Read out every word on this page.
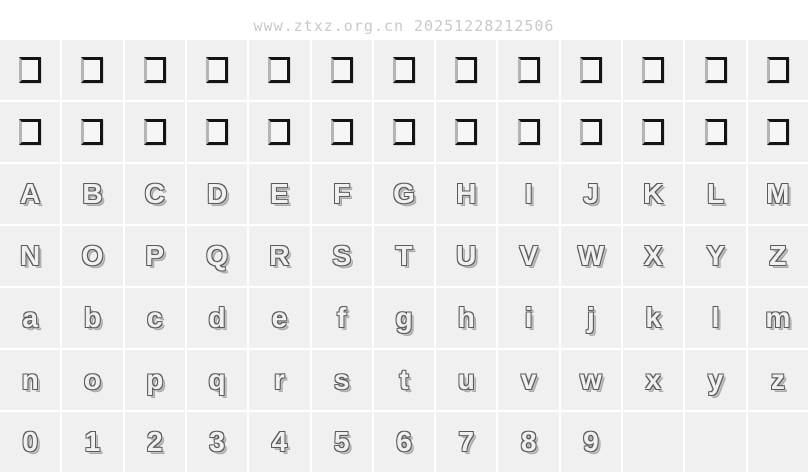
www.ztxz.org.cn 20251228212506
A	B	C	D	E	F	G	H	I	J	K	L	M
N	O	P	Q	R	S	T	U	V	W	X	Y	Z
a	b	c	d	e	f	g	h	i	j	k	l	m
n	o	p	q	r	s	t	u	v	w	x	y	z
0	1	2	3	4	5	6	7	8	9
